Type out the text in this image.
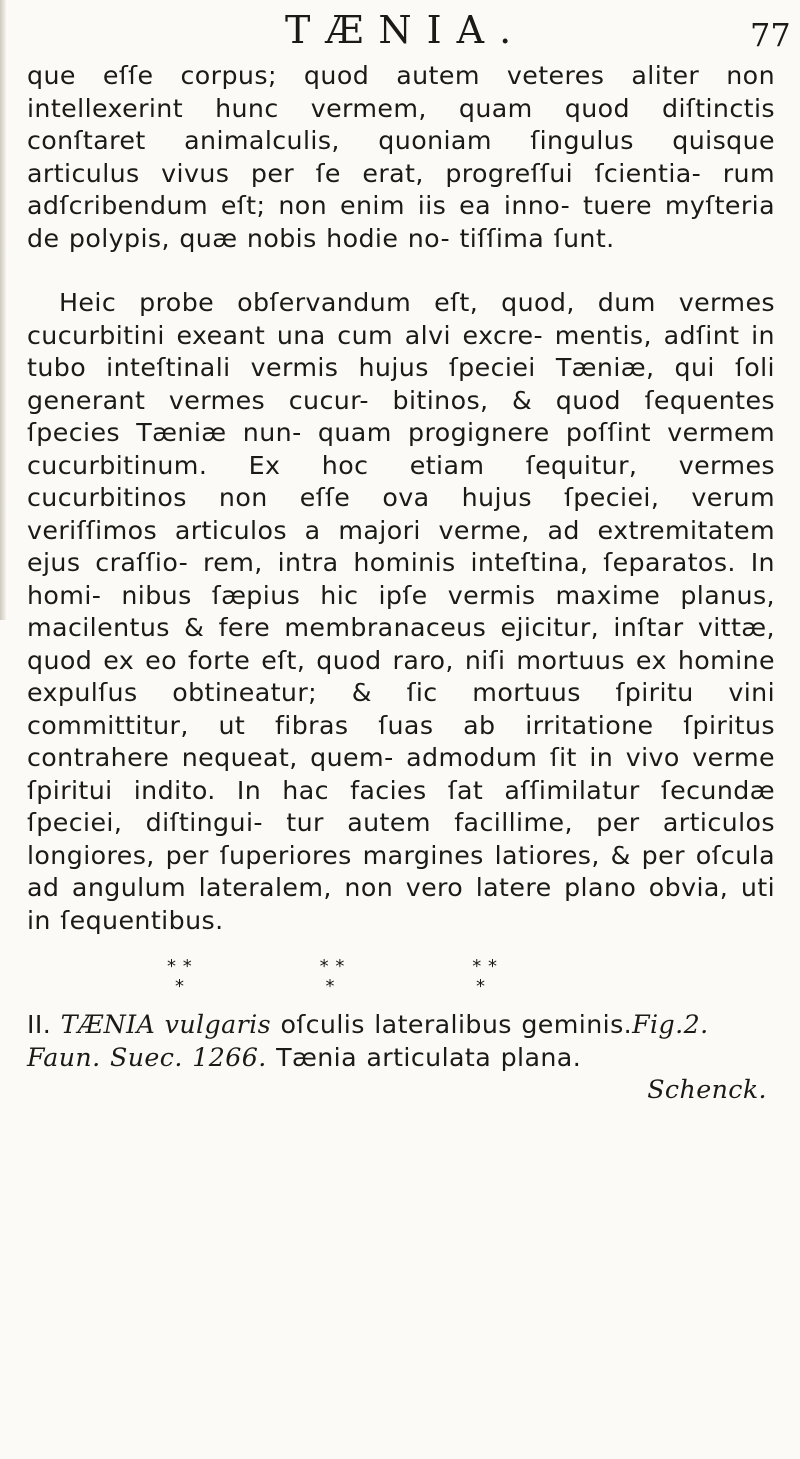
TÆNIA.	77

que eſſe corpus; quod autem veteres aliter non intellexerint hunc vermem, quam quod diſtinctis conſtaret animalculis, quoniam ſingulus quisque articulus vivus per ſe erat, progreſſui ſcientia- rum adſcribendum eſt; non enim iis ea inno- tuere myſteria de polypis, quæ nobis hodie no- tiſſima ſunt.

Heic probe obſervandum eſt, quod, dum vermes cucurbitini exeant una cum alvi excre- mentis, adſint in tubo inteſtinali vermis hujus ſpeciei Tæniæ, qui ſoli generant vermes cucur- bitinos, & quod ſequentes ſpecies Tæniæ nun- quam progignere poſſint vermem cucurbitinum. Ex hoc etiam ſequitur, vermes cucurbitinos non eſſe ova hujus ſpeciei, verum veriſſimos articulos a majori verme, ad extremitatem ejus craſſio- rem, intra hominis inteſtina, ſeparatos. In homi- nibus ſæpius hic ipſe vermis maxime planus, macilentus & fere membranaceus ejicitur, inſtar vittæ, quod ex eo forte eſt, quod raro, niſi mortuus ex homine expulſus obtineatur; & ſic mortuus ſpiritu vini committitur, ut fibras ſuas ab irritatione ſpiritus contrahere nequeat, quem- admodum ſit in vivo verme ſpiritui indito. In hac facies ſat aſſimilatur ſecundæ ſpeciei, diſtingui- tur autem facillime, per articulos longiores, per ſuperiores margines latiores, & per oſcula ad angulum lateralem, non vero latere plano obvia, uti in ſequentibus.

* *	* *	* *
*	*	*

II. TÆNIA vulgaris oſculis lateralibus geminis.Fig.2.

Faun. Suec. 1266. Tænia articulata plana.

Schenck.
